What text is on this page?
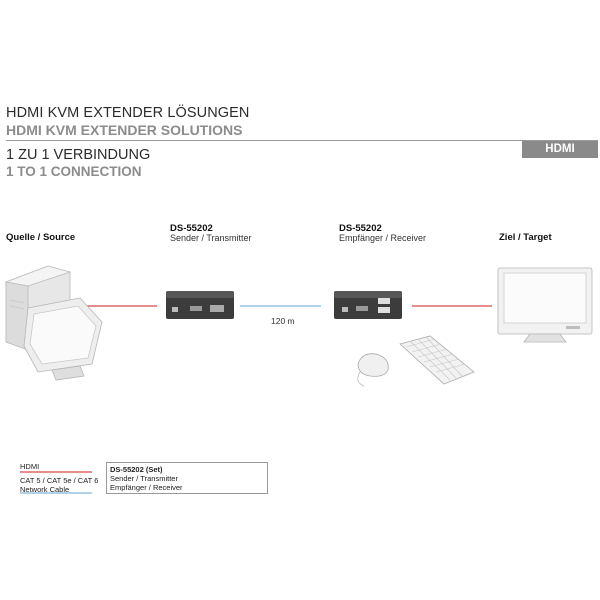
HDMI KVM EXTENDER LÖSUNGEN
HDMI KVM EXTENDER SOLUTIONS
HDMI
1 ZU 1 VERBINDUNG
1 TO 1 CONNECTION
Quelle / Source
DS-55202
Sender / Transmitter
DS-55202
Empfänger / Receiver	Ziel / Target
120 m
HDMI
CAT 5 / CAT 5e / CAT 6
Network Cable
DS-55202 (Set)
Sender / Transmitter
Empfänger / Receiver
